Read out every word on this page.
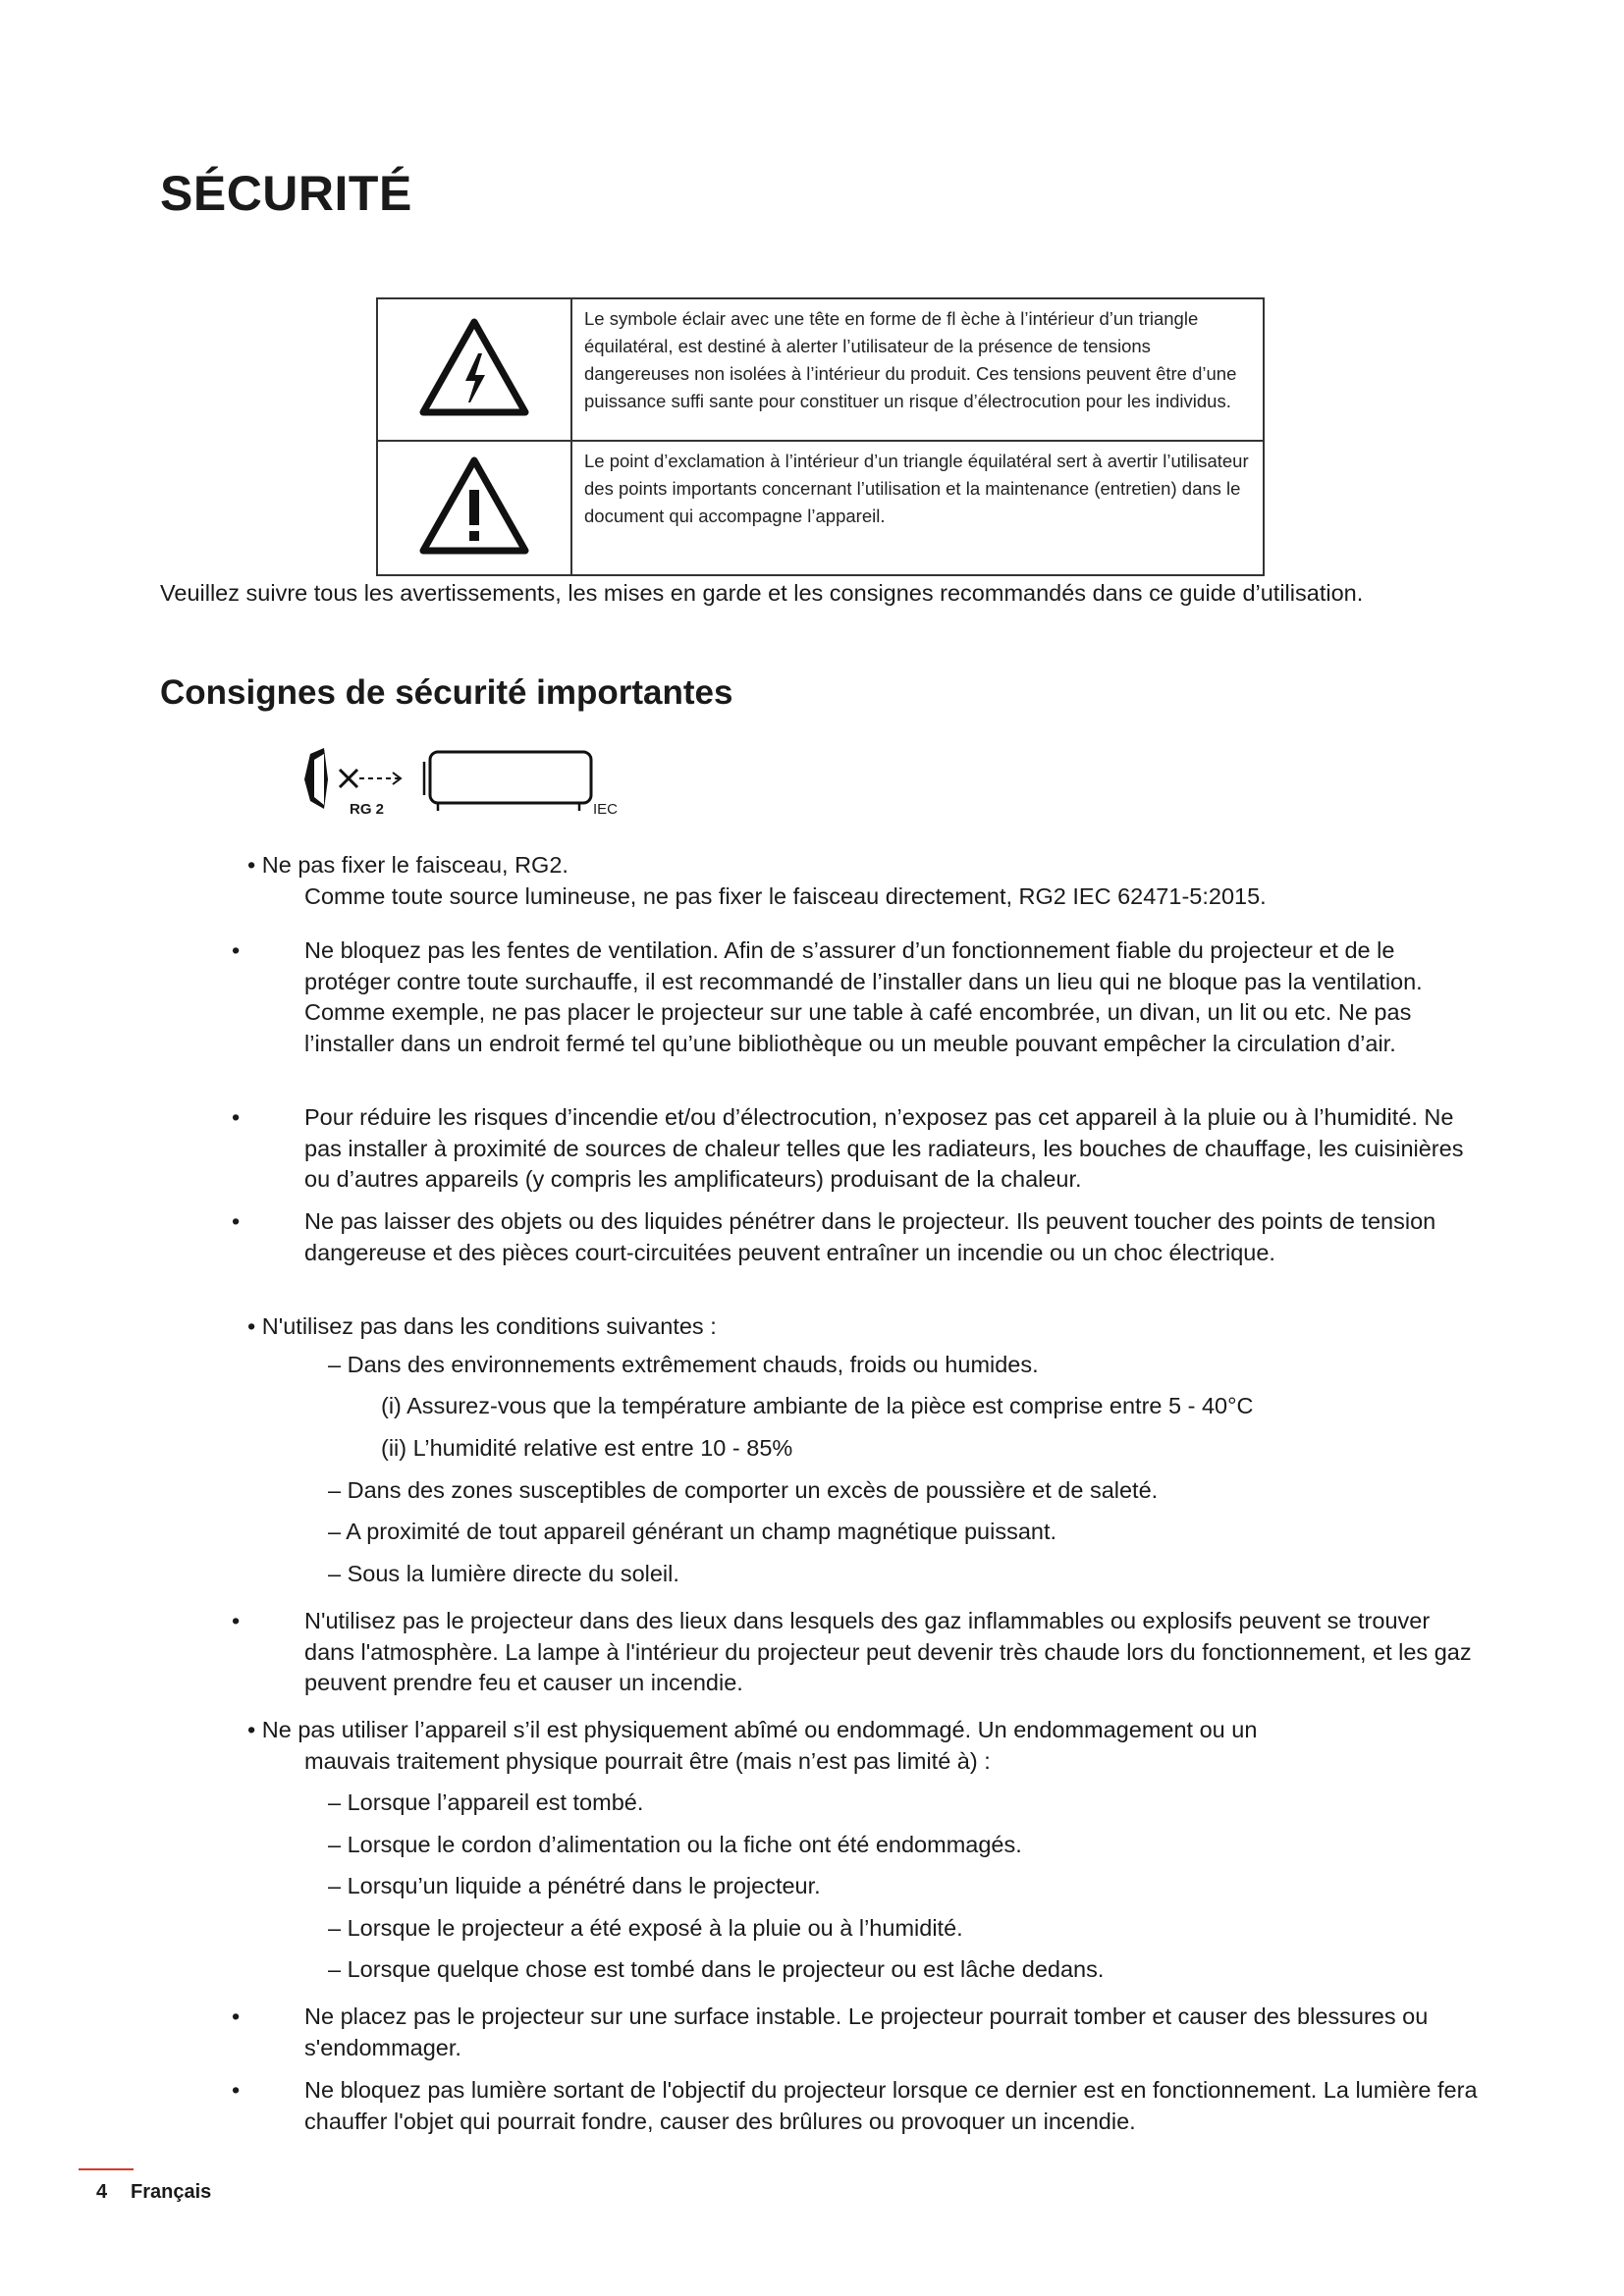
SÉCURITÉ
	Le symbole éclair avec une tête en forme de fl èche à l’intérieur d’un triangle équilatéral, est destiné à alerter l’utilisateur de la présence de tensions dangereuses non isolées à l’intérieur du produit. Ces tensions peuvent être d’une puissance suffi sante pour constituer un risque d’électrocution pour les individus.
	Le point d’exclamation à l’intérieur d’un triangle équilatéral sert à avertir l’utilisateur des points importants concernant l’utilisation et la maintenance (entretien) dans le document qui accompagne l’appareil.
Veuillez suivre tous les avertissements, les mises en garde et les consignes recommandés dans ce guide d’utilisation.
Consignes de sécurité importantes
RG 2	IEC
• Ne pas fixer le faisceau, RG2.
Comme toute source lumineuse, ne pas fixer le faisceau directement, RG2 IEC 62471-5:2015.
•	Ne bloquez pas les fentes de ventilation. Afin de s’assurer d’un fonctionnement fiable du projecteur et de le protéger contre toute surchauffe, il est recommandé de l’installer dans un lieu qui ne bloque pas la ventilation. Comme exemple, ne pas placer le projecteur sur une table à café encombrée, un divan, un lit ou etc. Ne pas l’installer dans un endroit fermé tel qu’une bibliothèque ou un meuble pouvant empêcher la circulation d’air.
•	Pour réduire les risques d’incendie et/ou d’électrocution, n’exposez pas cet appareil à la pluie ou à l’humidité. Ne pas installer à proximité de sources de chaleur telles que les radiateurs, les bouches de chauffage, les cuisinières ou d’autres appareils (y compris les amplificateurs) produisant de la chaleur.
•	Ne pas laisser des objets ou des liquides pénétrer dans le projecteur. Ils peuvent toucher des points de tension dangereuse et des pièces court-circuitées peuvent entraîner un incendie ou un choc électrique.
• N'utilisez pas dans les conditions suivantes :
– Dans des environnements extrêmement chauds, froids ou humides.
(i) Assurez-vous que la température ambiante de la pièce est comprise entre 5 - 40°C
(ii) L’humidité relative est entre 10 - 85%
– Dans des zones susceptibles de comporter un excès de poussière et de saleté.
– A proximité de tout appareil générant un champ magnétique puissant.
– Sous la lumière directe du soleil.
•	N'utilisez pas le projecteur dans des lieux dans lesquels des gaz inflammables ou explosifs peuvent se trouver dans l'atmosphère. La lampe à l'intérieur du projecteur peut devenir très chaude lors du fonctionnement, et les gaz peuvent prendre feu et causer un incendie.
• Ne pas utiliser l’appareil s’il est physiquement abîmé ou endommagé. Un endommagement ou un
mauvais traitement physique pourrait être (mais n’est pas limité à) :
– Lorsque l’appareil est tombé.
– Lorsque le cordon d’alimentation ou la fiche ont été endommagés.
– Lorsqu’un liquide a pénétré dans le projecteur.
– Lorsque le projecteur a été exposé à la pluie ou à l’humidité.
– Lorsque quelque chose est tombé dans le projecteur ou est lâche dedans.
•	Ne placez pas le projecteur sur une surface instable. Le projecteur pourrait tomber et causer des blessures ou s'endommager.
•	Ne bloquez pas lumière sortant de l'objectif du projecteur lorsque ce dernier est en fonctionnement. La lumière fera chauffer l'objet qui pourrait fondre, causer des brûlures ou provoquer un incendie.
4 Français
